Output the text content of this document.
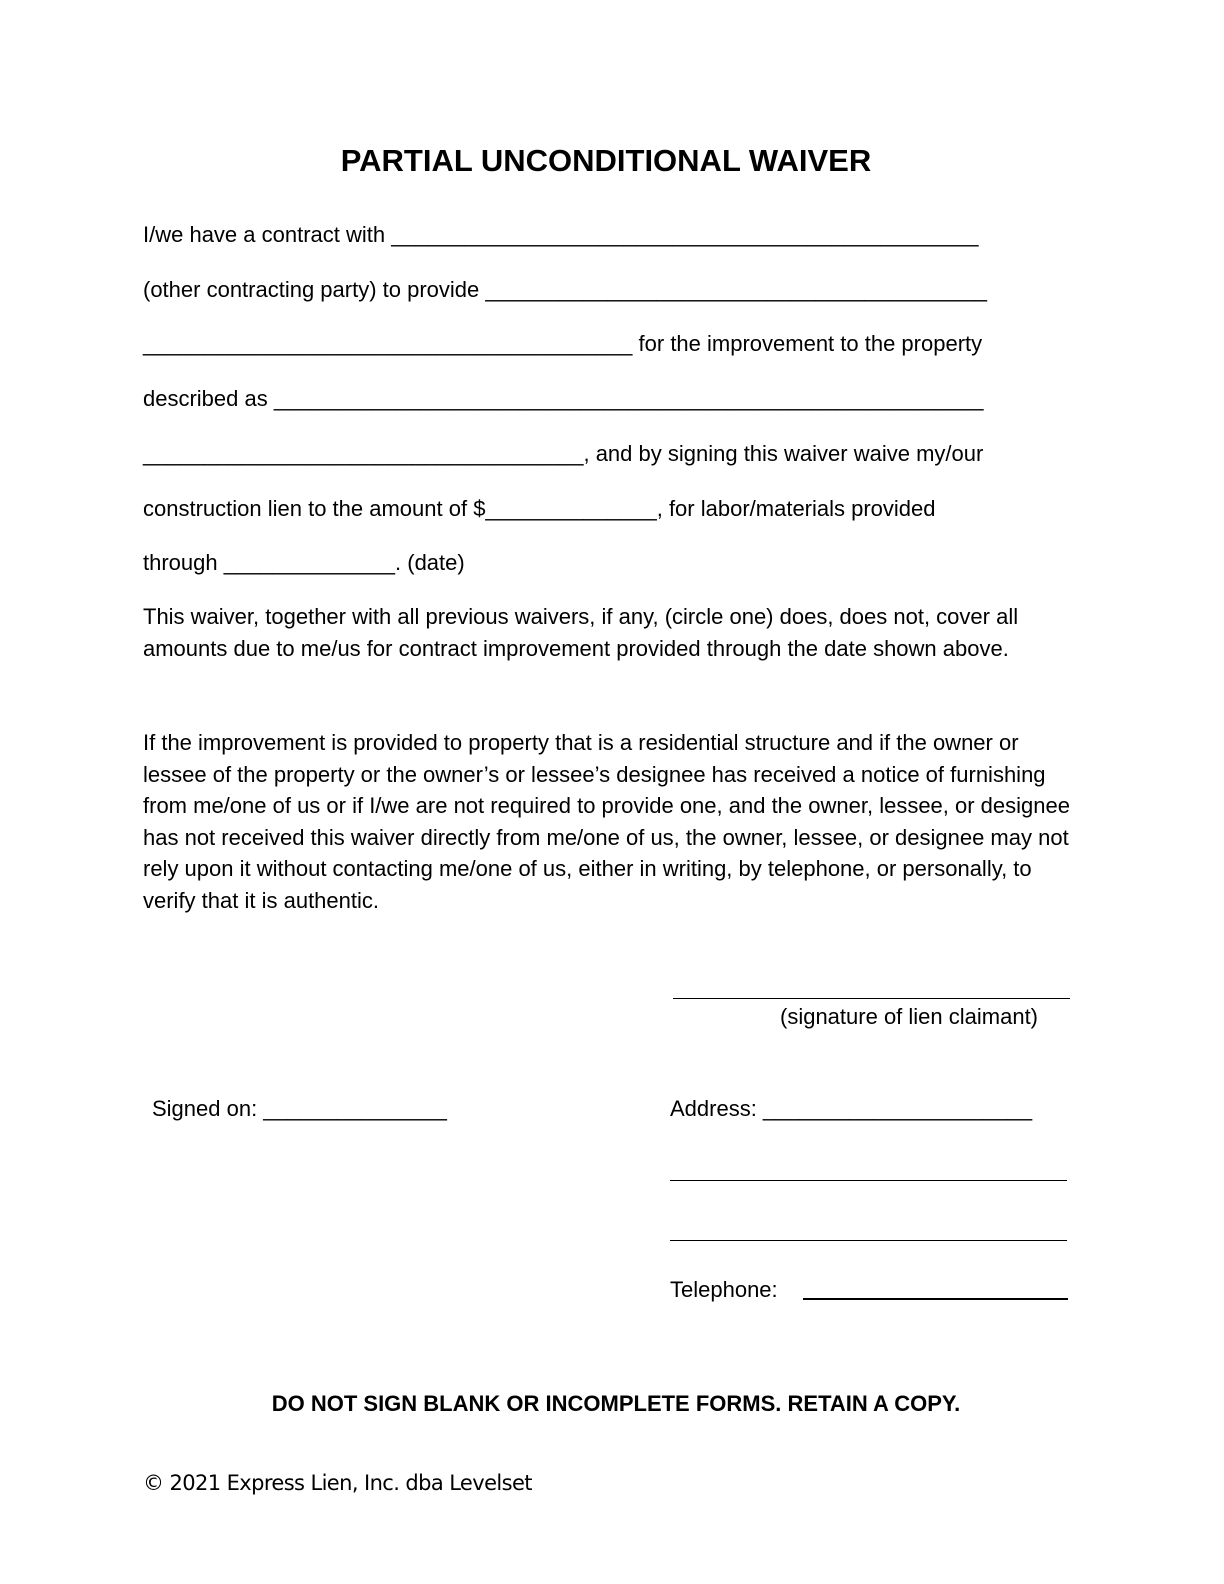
PARTIAL UNCONDITIONAL WAIVER
I/we have a contract with ________________________________________________
(other contracting party) to provide _________________________________________
________________________________________ for the improvement to the property
described as __________________________________________________________
____________________________________, and by signing this waiver waive my/our
construction lien to the amount of $______________, for labor/materials provided
through ______________. (date)
This waiver, together with all previous waivers, if any, (circle one) does, does not, cover all amounts due to me/us for contract improvement provided through the date shown above.
If the improvement is provided to property that is a residential structure and if the owner or lessee of the property or the owner’s or lessee’s designee has received a notice of furnishing from me/one of us or if I/we are not required to provide one, and the owner, lessee, or designee has not received this waiver directly from me/one of us, the owner, lessee, or designee may not rely upon it without contacting me/one of us, either in writing, by telephone, or personally, to verify that it is authentic.
(signature of lien claimant)
Signed on: _______________	Address: ______________________
Telephone:
DO NOT SIGN BLANK OR INCOMPLETE FORMS. RETAIN A COPY.
© 2021 Express Lien, Inc. dba Levelset
